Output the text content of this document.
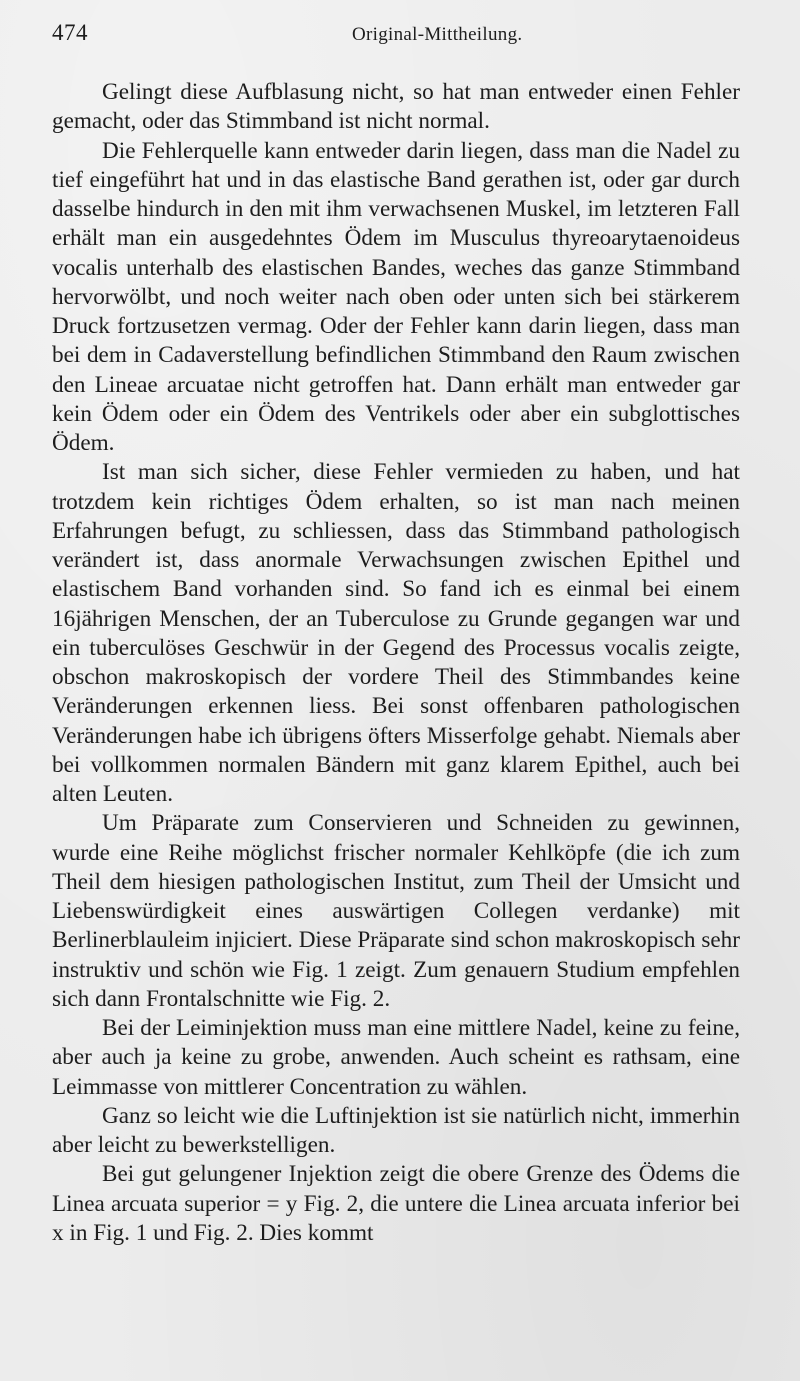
474	Original-Mittheilung.

Gelingt diese Aufblasung nicht, so hat man entweder einen Fehler gemacht, oder das Stimmband ist nicht normal.

Die Fehlerquelle kann entweder darin liegen, dass man die Nadel zu tief eingeführt hat und in das elastische Band gerathen ist, oder gar durch dasselbe hindurch in den mit ihm verwachsenen Muskel, im letzteren Fall erhält man ein ausgedehntes Ödem im Musculus thyreoarytaenoideus vocalis unterhalb des elastischen Bandes, weches das ganze Stimmband hervorwölbt, und noch weiter nach oben oder unten sich bei stärkerem Druck fortzusetzen vermag. Oder der Fehler kann darin liegen, dass man bei dem in Cadaverstellung befindlichen Stimmband den Raum zwischen den Lineae arcuatae nicht getroffen hat. Dann erhält man entweder gar kein Ödem oder ein Ödem des Ventrikels oder aber ein subglottisches Ödem.

Ist man sich sicher, diese Fehler vermieden zu haben, und hat trotzdem kein richtiges Ödem erhalten, so ist man nach meinen Erfahrungen befugt, zu schliessen, dass das Stimmband pathologisch verändert ist, dass anormale Verwachsungen zwischen Epithel und elastischem Band vorhanden sind. So fand ich es einmal bei einem 16jährigen Menschen, der an Tuberculose zu Grunde gegangen war und ein tuberculöses Geschwür in der Gegend des Processus vocalis zeigte, obschon makroskopisch der vordere Theil des Stimmbandes keine Veränderungen erkennen liess. Bei sonst offenbaren pathologischen Veränderungen habe ich übrigens öfters Misserfolge gehabt. Niemals aber bei vollkommen normalen Bändern mit ganz klarem Epithel, auch bei alten Leuten.

Um Präparate zum Conservieren und Schneiden zu gewinnen, wurde eine Reihe möglichst frischer normaler Kehlköpfe (die ich zum Theil dem hiesigen pathologischen Institut, zum Theil der Umsicht und Liebenswürdigkeit eines auswärtigen Collegen verdanke) mit Berlinerblauleim injiciert. Diese Präparate sind schon makroskopisch sehr instruktiv und schön wie Fig. 1 zeigt. Zum genauern Studium empfehlen sich dann Frontalschnitte wie Fig. 2.

Bei der Leiminjektion muss man eine mittlere Nadel, keine zu feine, aber auch ja keine zu grobe, anwenden. Auch scheint es rathsam, eine Leimmasse von mittlerer Concentration zu wählen.

Ganz so leicht wie die Luftinjektion ist sie natürlich nicht, immerhin aber leicht zu bewerkstelligen.

Bei gut gelungener Injektion zeigt die obere Grenze des Ödems die Linea arcuata superior = y Fig. 2, die untere die Linea arcuata inferior bei x in Fig. 1 und Fig. 2. Dies kommt
